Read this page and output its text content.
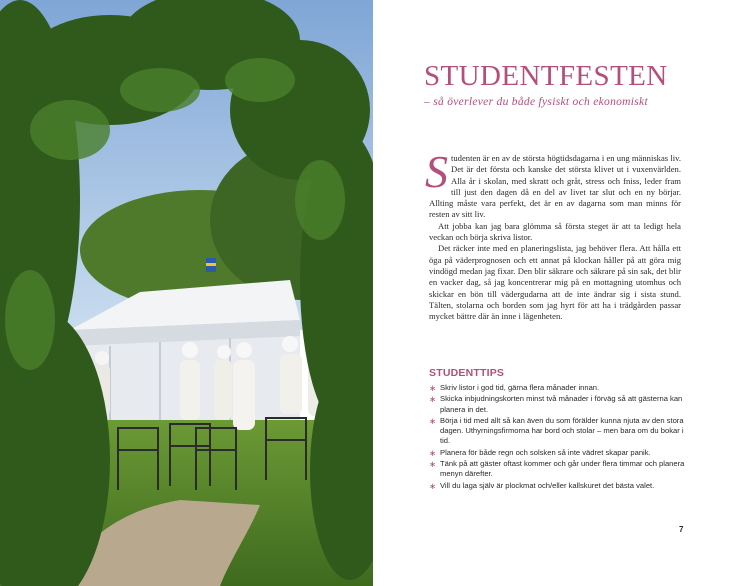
STUDENTFESTEN
– så överlever du både fysiskt och ekonomiskt

Studenten är en av de största högtidsdagarna i en ung människas liv. Det är det första och kanske det största klivet ut i vuxenvärlden. Alla år i skolan, med skratt och gråt, stress och fniss, leder fram till just den dagen då en del av livet tar slut och en ny börjar. Allting måste vara perfekt, det är en av dagarna som man minns för resten av sitt liv.

Att jobba kan jag bara glömma så första steget är att ta ledigt hela veckan och börja skriva listor.

Det räcker inte med en planeringslista, jag behöver flera. Att hålla ett öga på väderprognosen och ett annat på klockan håller på att göra mig vindögd medan jag fixar. Den blir säkrare och säkrare på sin sak, det blir en vacker dag, så jag koncentrerar mig på en mottagning utomhus och skickar en bön till vädergudarna att de inte ändrar sig i sista stund. Tälten, stolarna och borden som jag hyrt för att ha i trädgården passar mycket bättre där än inne i lägenheten.

STUDENTTIPS
∗ Skriv listor i god tid, gärna flera månader innan.
∗ Skicka inbjudningskorten minst två månader i förväg så att gästerna kan planera in det.
∗ Börja i tid med allt så kan även du som förälder kunna njuta av den stora dagen. Uthyrningsfirmorna har bord och stolar – men bara om du bokar i tid.
∗ Planera för både regn och solsken så inte vädret skapar panik.
∗ Tänk på att gäster oftast kommer och går under flera timmar och planera menyn därefter.
∗ Vill du laga själv är plockmat och/eller kallskuret det bästa valet.
7
